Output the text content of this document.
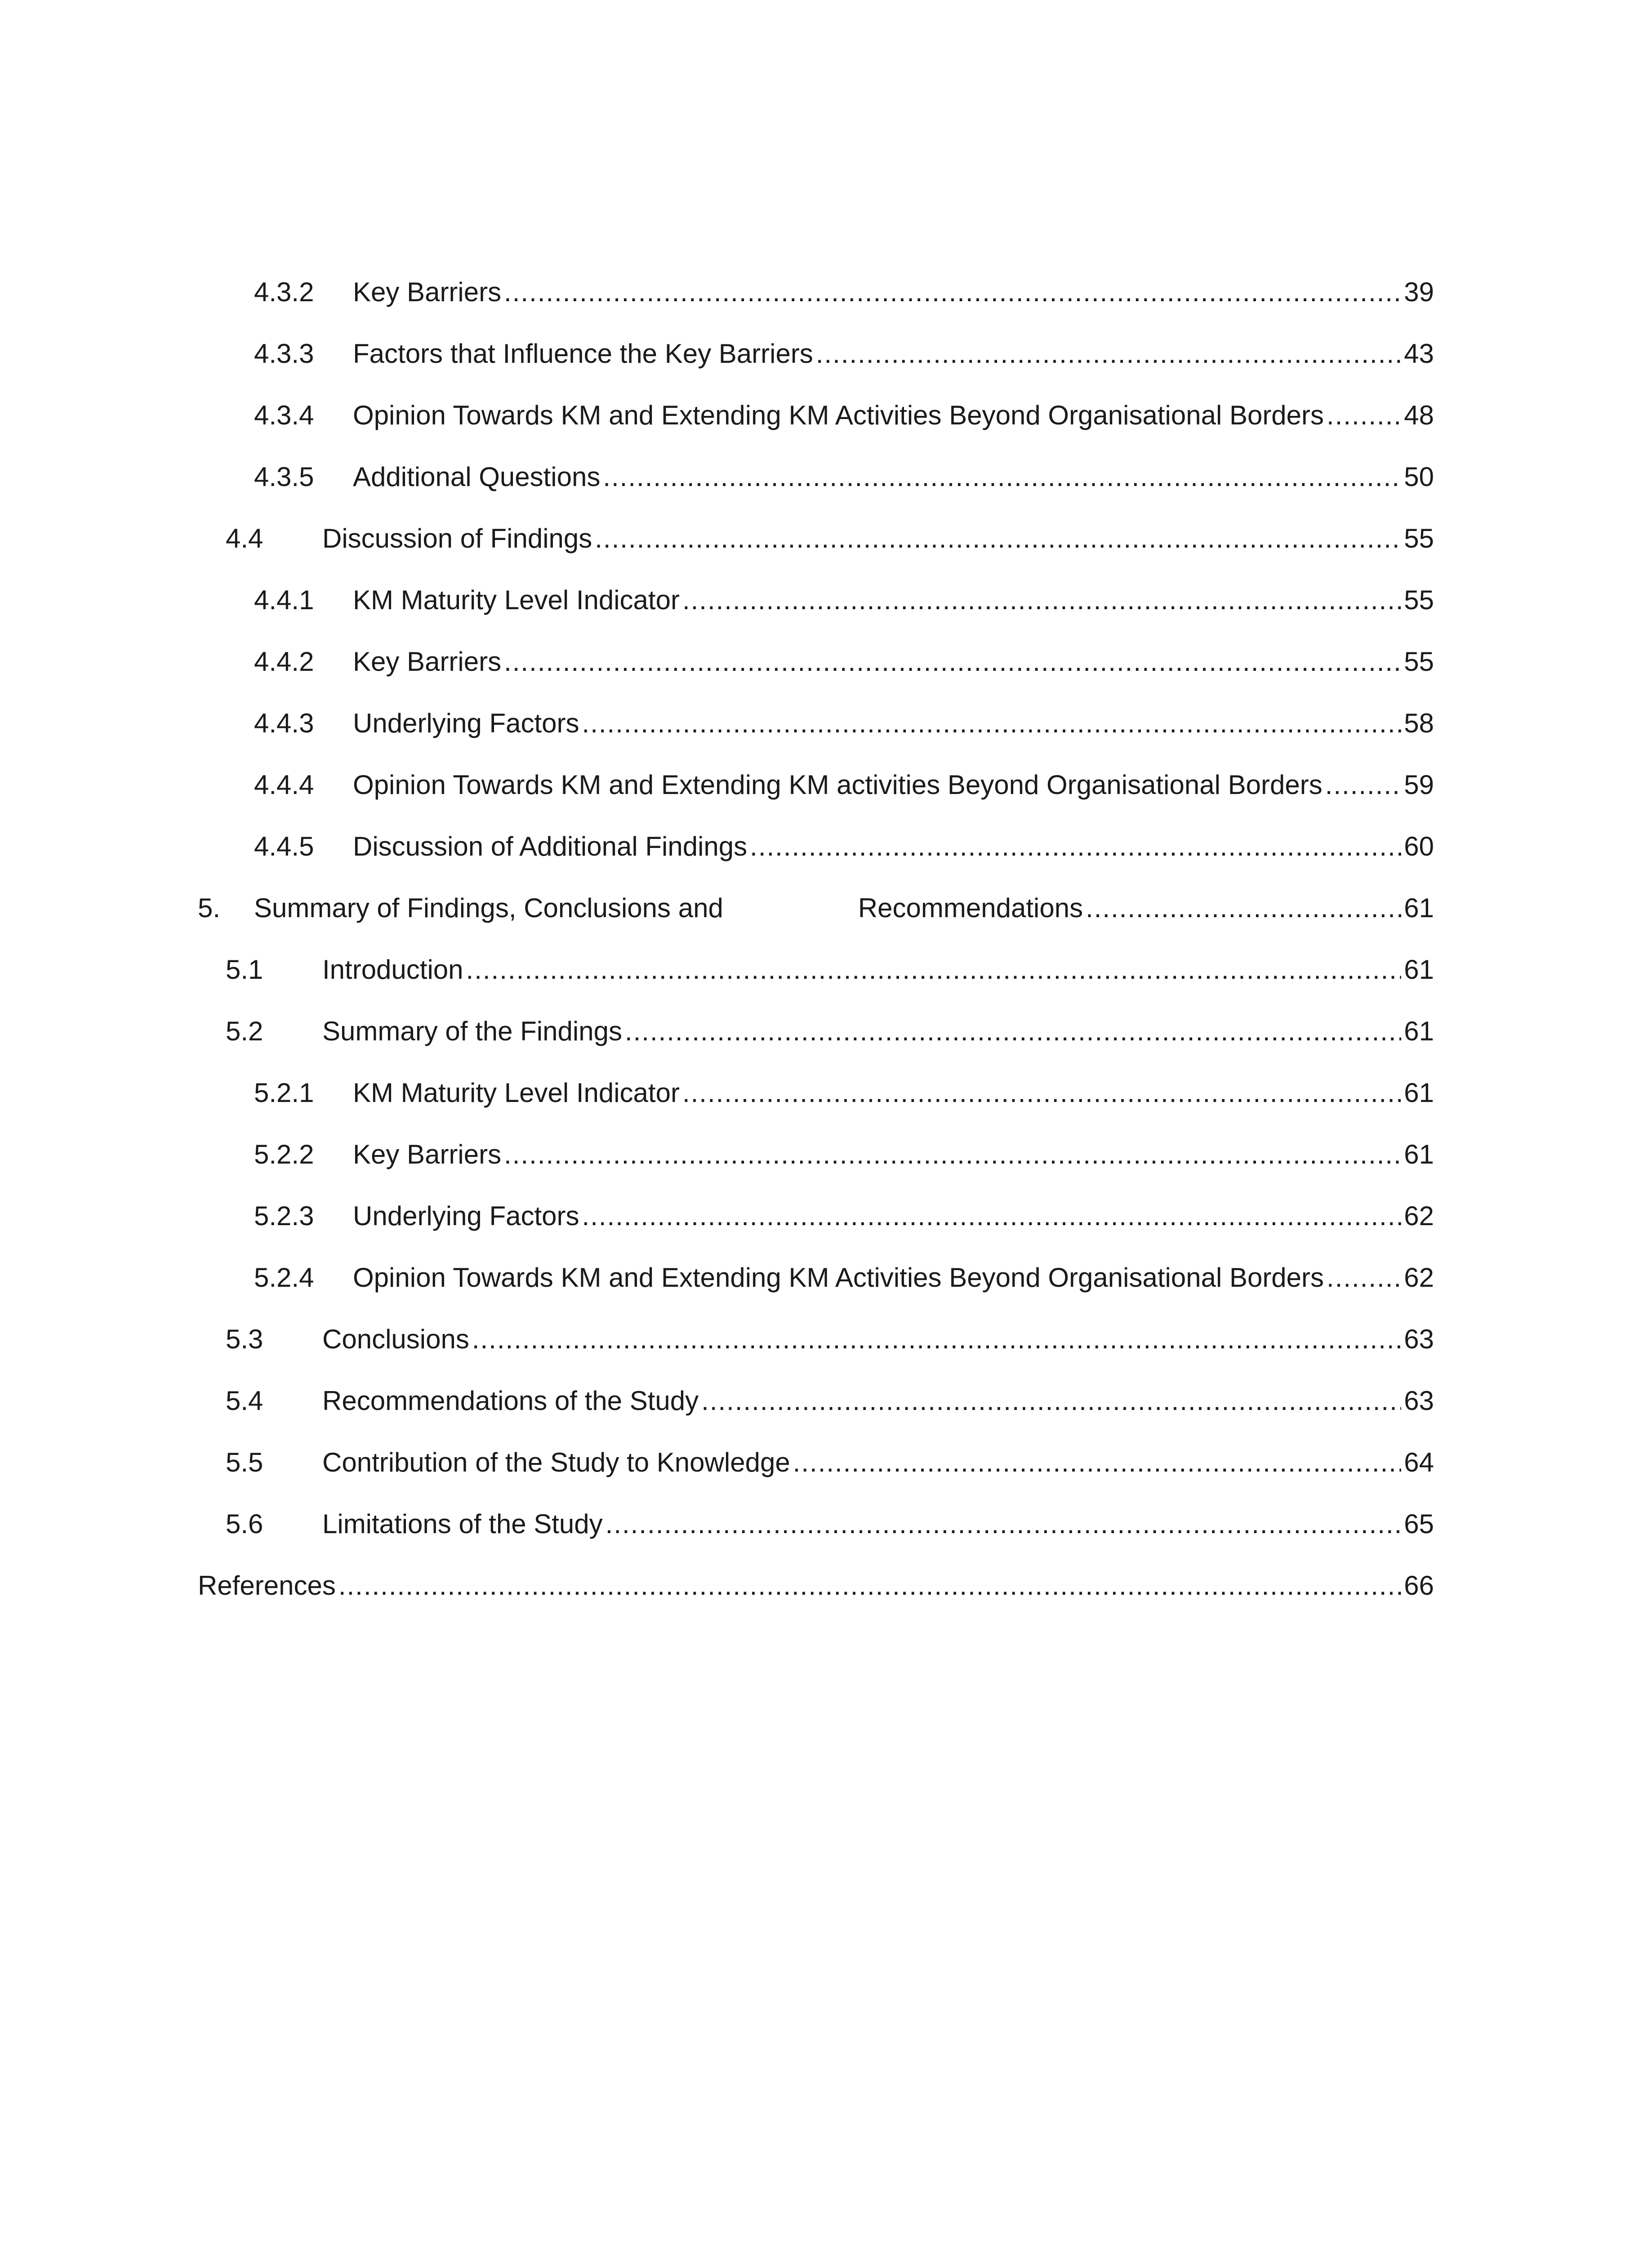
4.3.2	Key Barriers .....	39
4.3.3	Factors that Influence the Key Barriers .....	43
4.3.4	Opinion Towards KM and Extending KM Activities Beyond Organisational Borders .....	48
4.3.5	Additional Questions .....	50
4.4	Discussion of Findings .....	55
4.4.1	KM Maturity Level Indicator .....	55
4.4.2	Key Barriers .....	55
4.4.3	Underlying Factors .....	58
4.4.4	Opinion Towards KM and Extending KM activities Beyond Organisational Borders .....	59
4.4.5	Discussion of Additional Findings .....	60
5.	Summary of Findings, Conclusions and	Recommendations .....	61
5.1	Introduction .....	61
5.2	Summary of the Findings .....	61
5.2.1	KM Maturity Level Indicator .....	61
5.2.2	Key Barriers .....	61
5.2.3	Underlying Factors .....	62
5.2.4	Opinion Towards KM and Extending KM Activities Beyond Organisational Borders .....	62
5.3	Conclusions .....	63
5.4	Recommendations of the Study .....	63
5.5	Contribution of the Study to Knowledge .....	64
5.6	Limitations of the Study .....	65
References .....	66
